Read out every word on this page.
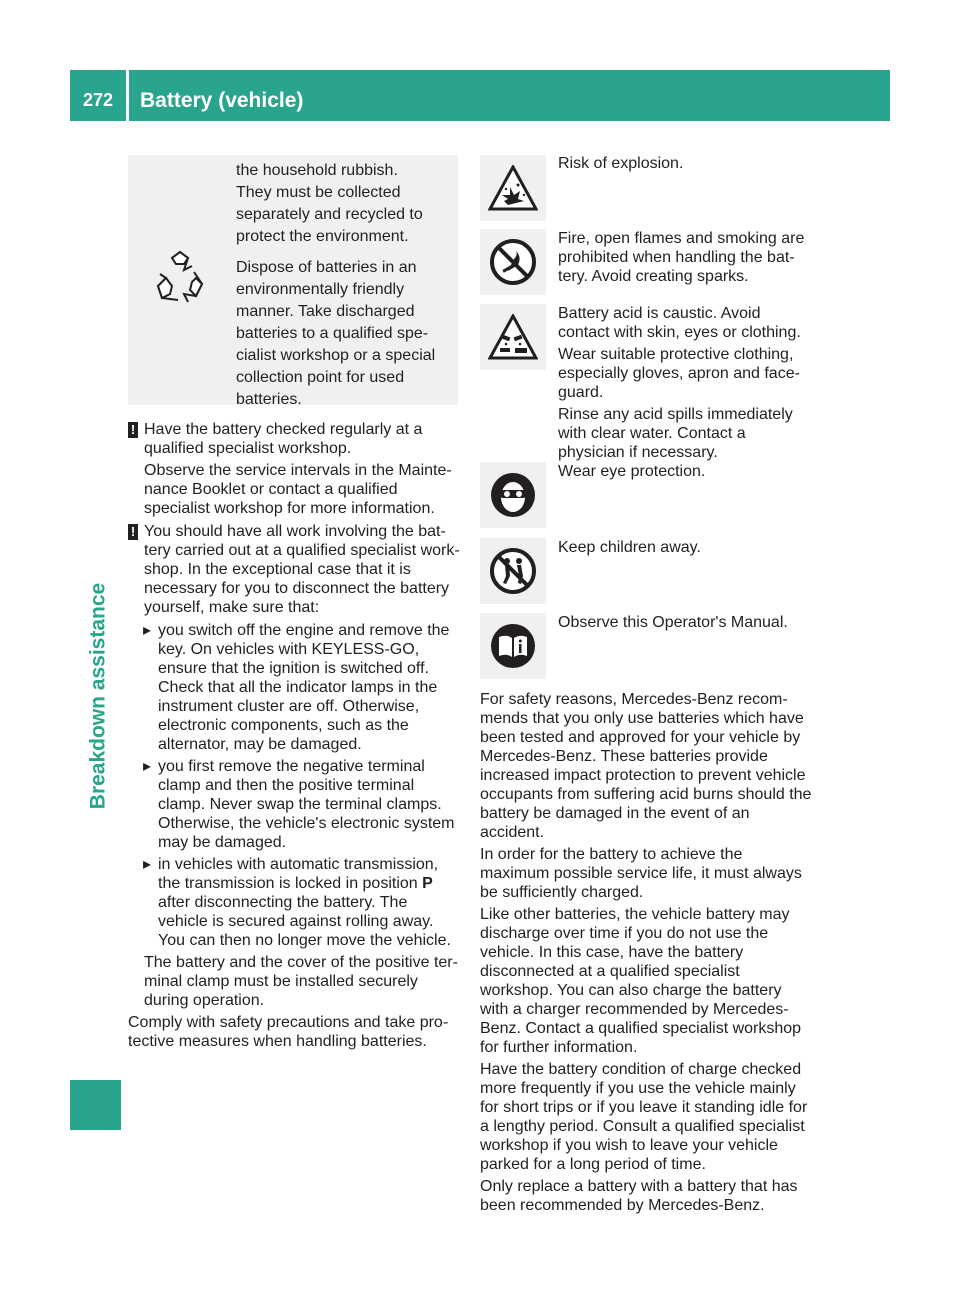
272	Battery (vehicle)
Breakdown assistance

the household rubbish. They must be collected separately and recycled to protect the environment.

Dispose of batteries in an environmentally friendly manner. Take discharged batteries to a qualified specialist workshop or a special collection point for used batteries.

! Have the battery checked regularly at a qualified specialist workshop.

Observe the service intervals in the Maintenance Booklet or contact a qualified specialist workshop for more information.

! You should have all work involving the battery carried out at a qualified specialist workshop. In the exceptional case that it is necessary for you to disconnect the battery yourself, make sure that:

▸ you switch off the engine and remove the key. On vehicles with KEYLESS-GO, ensure that the ignition is switched off. Check that all the indicator lamps in the instrument cluster are off. Otherwise, electronic components, such as the alternator, may be damaged.

▸ you first remove the negative terminal clamp and then the positive terminal clamp. Never swap the terminal clamps. Otherwise, the vehicle's electronic system may be damaged.

▸ in vehicles with automatic transmission, the transmission is locked in position P after disconnecting the battery. The vehicle is secured against rolling away. You can then no longer move the vehicle.

The battery and the cover of the positive terminal clamp must be installed securely during operation.

Comply with safety precautions and take protective measures when handling batteries.

Risk of explosion.

Fire, open flames and smoking are prohibited when handling the battery. Avoid creating sparks.

Battery acid is caustic. Avoid contact with skin, eyes or clothing.

Wear suitable protective clothing, especially gloves, apron and face-guard.

Rinse any acid spills immediately with clear water. Contact a physician if necessary.

Wear eye protection.

Keep children away.

Observe this Operator's Manual.

For safety reasons, Mercedes-Benz recommends that you only use batteries which have been tested and approved for your vehicle by Mercedes-Benz. These batteries provide increased impact protection to prevent vehicle occupants from suffering acid burns should the battery be damaged in the event of an accident.

In order for the battery to achieve the maximum possible service life, it must always be sufficiently charged.

Like other batteries, the vehicle battery may discharge over time if you do not use the vehicle. In this case, have the battery disconnected at a qualified specialist workshop. You can also charge the battery with a charger recommended by Mercedes-Benz. Contact a qualified specialist workshop for further information.

Have the battery condition of charge checked more frequently if you use the vehicle mainly for short trips or if you leave it standing idle for a lengthy period. Consult a qualified specialist workshop if you wish to leave your vehicle parked for a long period of time.

Only replace a battery with a battery that has been recommended by Mercedes-Benz.
